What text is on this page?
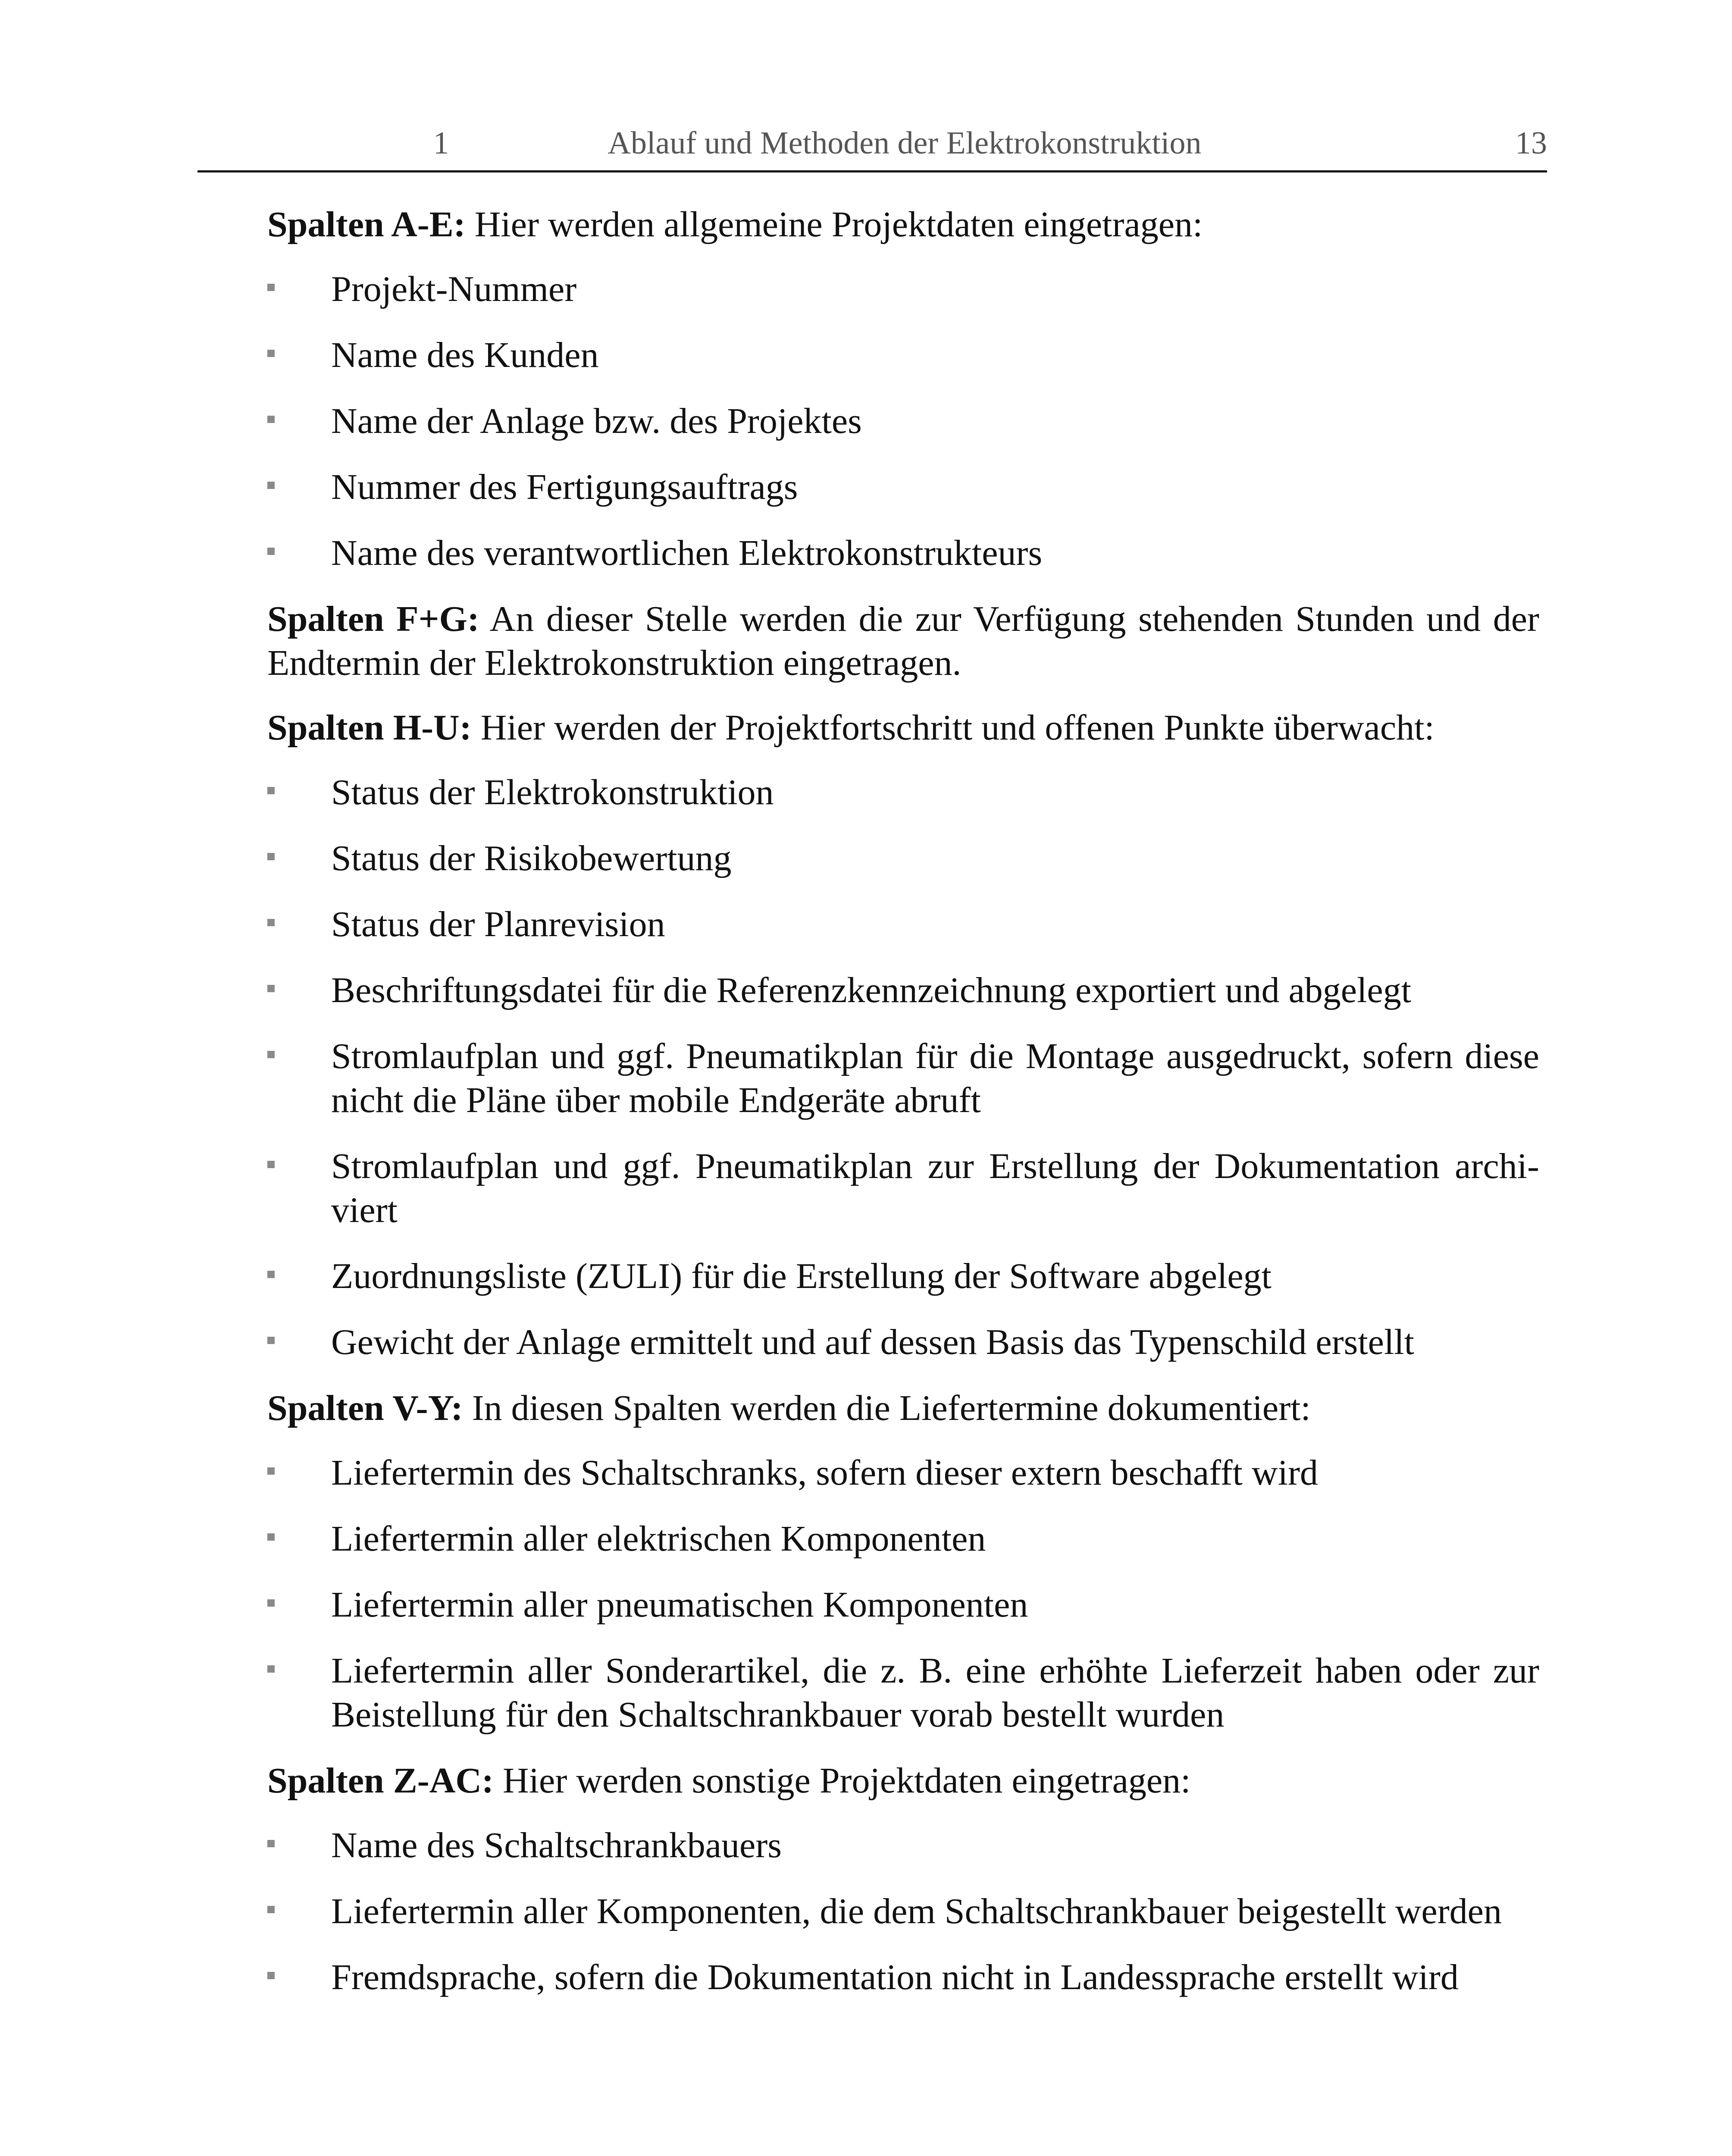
1	Ablauf und Methoden der Elektrokonstruktion	13

Spalten A-E: Hier werden allgemeine Projektdaten eingetragen:

Projekt-Nummer
Name des Kunden
Name der Anlage bzw. des Projektes
Nummer des Fertigungsauftrags
Name des verantwortlichen Elektrokonstrukteurs

Spalten F+G: An dieser Stelle werden die zur Verfügung stehenden Stunden und der Endtermin der Elektrokonstruktion eingetragen.

Spalten H-U: Hier werden der Projektfortschritt und offenen Punkte überwacht:

Status der Elektrokonstruktion
Status der Risikobewertung
Status der Planrevision
Beschriftungsdatei für die Referenzkennzeichnung exportiert und abgelegt
Stromlaufplan und ggf. Pneumatikplan für die Montage ausgedruckt, sofern diese nicht die Pläne über mobile Endgeräte abruft
Stromlaufplan und ggf. Pneumatikplan zur Erstellung der Dokumentation archi-viert
Zuordnungsliste (ZULI) für die Erstellung der Software abgelegt
Gewicht der Anlage ermittelt und auf dessen Basis das Typenschild erstellt

Spalten V-Y: In diesen Spalten werden die Liefertermine dokumentiert:

Liefertermin des Schaltschranks, sofern dieser extern beschafft wird
Liefertermin aller elektrischen Komponenten
Liefertermin aller pneumatischen Komponenten
Liefertermin aller Sonderartikel, die z. B. eine erhöhte Lieferzeit haben oder zur Beistellung für den Schaltschrankbauer vorab bestellt wurden

Spalten Z-AC: Hier werden sonstige Projektdaten eingetragen:

Name des Schaltschrankbauers
Liefertermin aller Komponenten, die dem Schaltschrankbauer beigestellt werden
Fremdsprache, sofern die Dokumentation nicht in Landessprache erstellt wird
